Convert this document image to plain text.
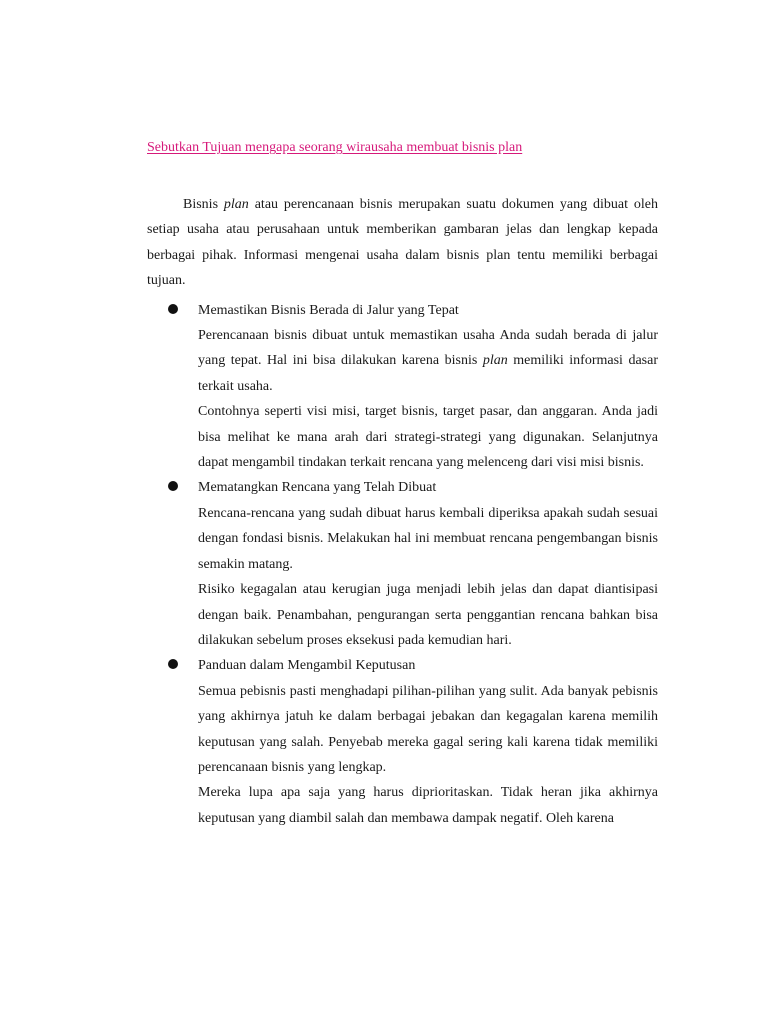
Sebutkan Tujuan mengapa seorang wirausaha membuat bisnis plan

Bisnis plan atau perencanaan bisnis merupakan suatu dokumen yang dibuat oleh setiap usaha atau perusahaan untuk memberikan gambaran jelas dan lengkap kepada berbagai pihak. Informasi mengenai usaha dalam bisnis plan tentu memiliki berbagai tujuan.

Memastikan Bisnis Berada di Jalur yang Tepat

Perencanaan bisnis dibuat untuk memastikan usaha Anda sudah berada di jalur yang tepat. Hal ini bisa dilakukan karena bisnis plan memiliki informasi dasar terkait usaha.

Contohnya seperti visi misi, target bisnis, target pasar, dan anggaran. Anda jadi bisa melihat ke mana arah dari strategi-strategi yang digunakan. Selanjutnya dapat mengambil tindakan terkait rencana yang melenceng dari visi misi bisnis.

Mematangkan Rencana yang Telah Dibuat

Rencana-rencana yang sudah dibuat harus kembali diperiksa apakah sudah sesuai dengan fondasi bisnis. Melakukan hal ini membuat rencana pengembangan bisnis semakin matang.

Risiko kegagalan atau kerugian juga menjadi lebih jelas dan dapat diantisipasi dengan baik. Penambahan, pengurangan serta penggantian rencana bahkan bisa dilakukan sebelum proses eksekusi pada kemudian hari.

Panduan dalam Mengambil Keputusan

Semua pebisnis pasti menghadapi pilihan-pilihan yang sulit. Ada banyak pebisnis yang akhirnya jatuh ke dalam berbagai jebakan dan kegagalan karena memilih keputusan yang salah. Penyebab mereka gagal sering kali karena tidak memiliki perencanaan bisnis yang lengkap.

Mereka lupa apa saja yang harus diprioritaskan. Tidak heran jika akhirnya keputusan yang diambil salah dan membawa dampak negatif. Oleh karena
